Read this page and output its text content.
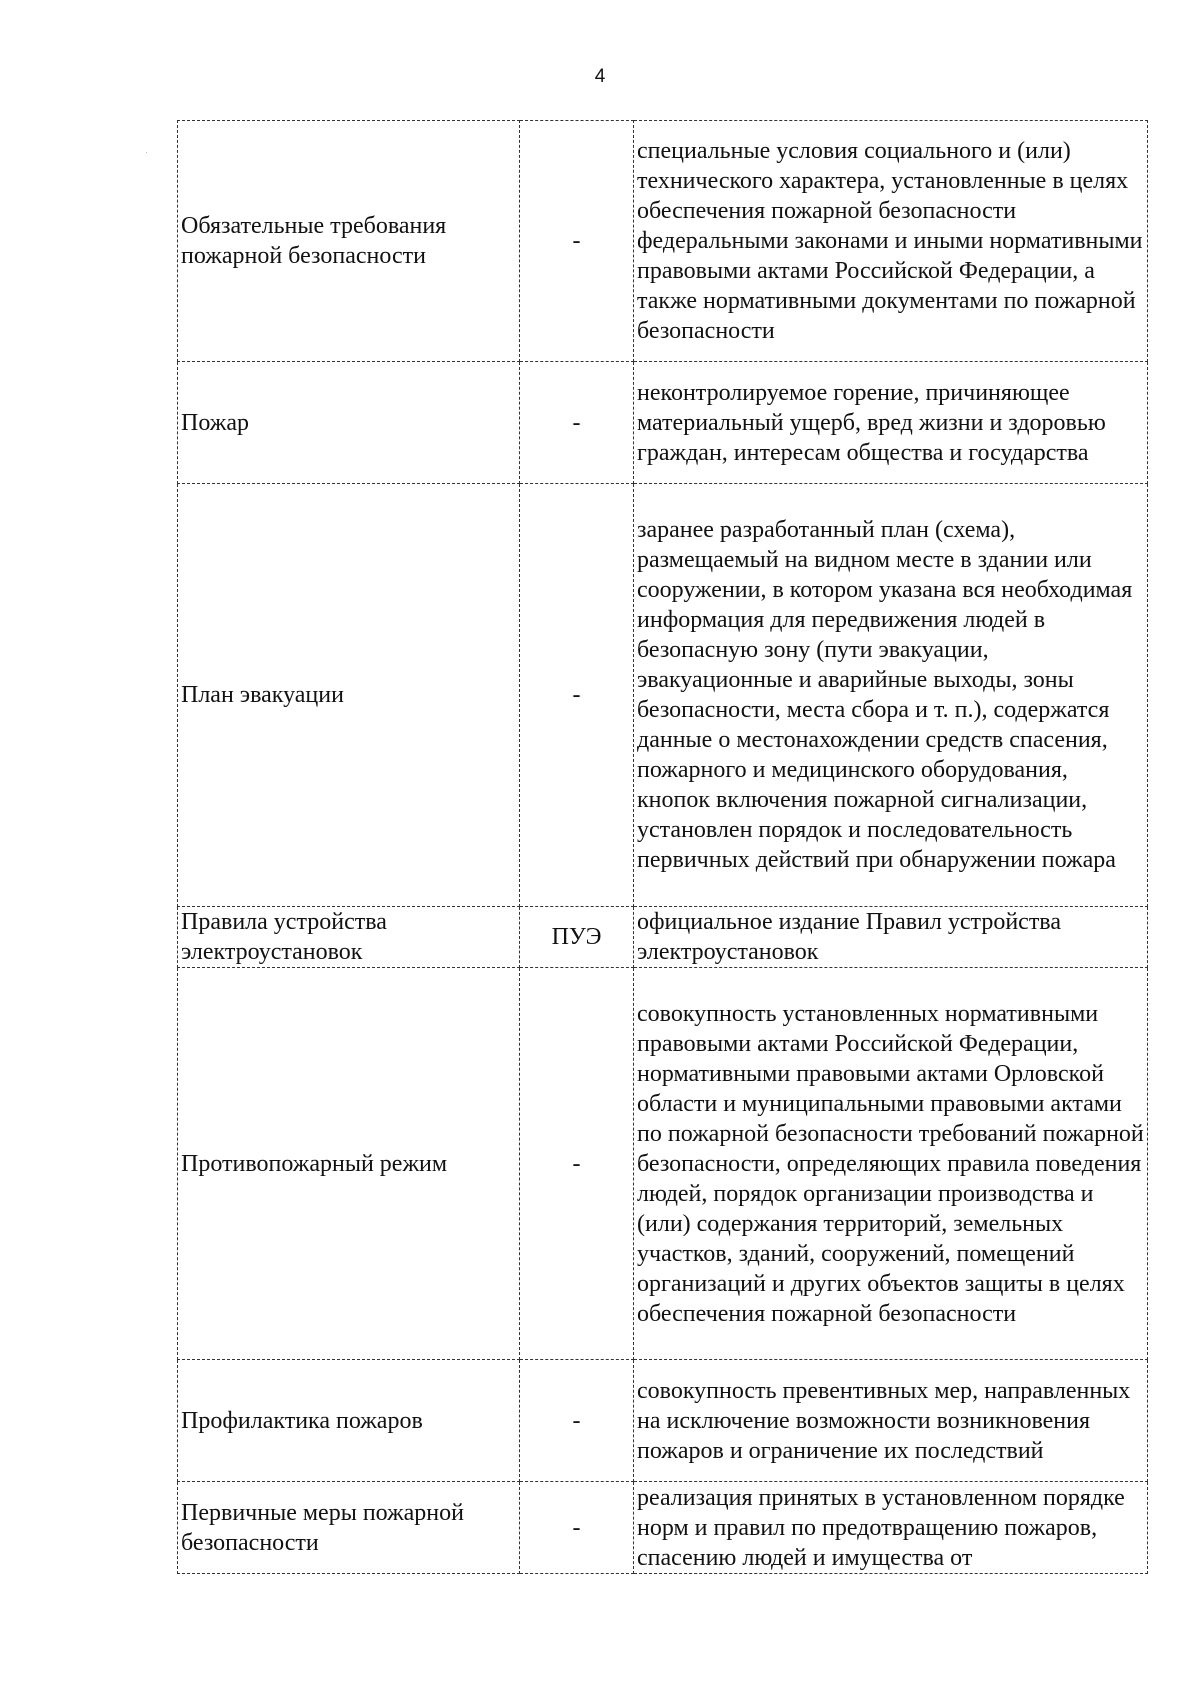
4
Обязательные требования пожарной безопасности	-	специальные условия социального и (или) технического характера, установленные в целях обеспечения пожарной безопасности федеральными законами и иными нормативными правовыми актами Российской Федерации, а также нормативными документами по пожарной безопасности
Пожар	-	неконтролируемое горение, причиняющее материальный ущерб, вред жизни и здоровью граждан, интересам общества и государства
План эвакуации	-	заранее разработанный план (схема), размещаемый на видном месте в здании или сооружении, в котором указана вся необходимая информация для передвижения людей в безопасную зону (пути эвакуации, эвакуационные и аварийные выходы, зоны безопасности, места сбора и т. п.), содержатся данные о местонахождении средств спасения, пожарного и медицинского оборудования, кнопок включения пожарной сигнализации, установлен порядок и последовательность первичных действий при обнаружении пожара
Правила устройства электроустановок	ПУЭ	официальное издание Правил устройства электроустановок
Противопожарный режим	-	совокупность установленных нормативными правовыми актами Российской Федерации, нормативными правовыми актами Орловской области и муниципальными правовыми актами по пожарной безопасности требований пожарной безопасности, определяющих правила поведения людей, порядок организации производства и (или) содержания территорий, земельных участков, зданий, сооружений, помещений организаций и других объектов защиты в целях обеспечения пожарной безопасности
Профилактика пожаров	-	совокупность превентивных мер, направленных на исключение возможности возникновения пожаров и ограничение их последствий
Первичные меры пожарной безопасности	-	реализация принятых в установленном порядке норм и правил по предотвращению пожаров, спасению людей и имущества от
